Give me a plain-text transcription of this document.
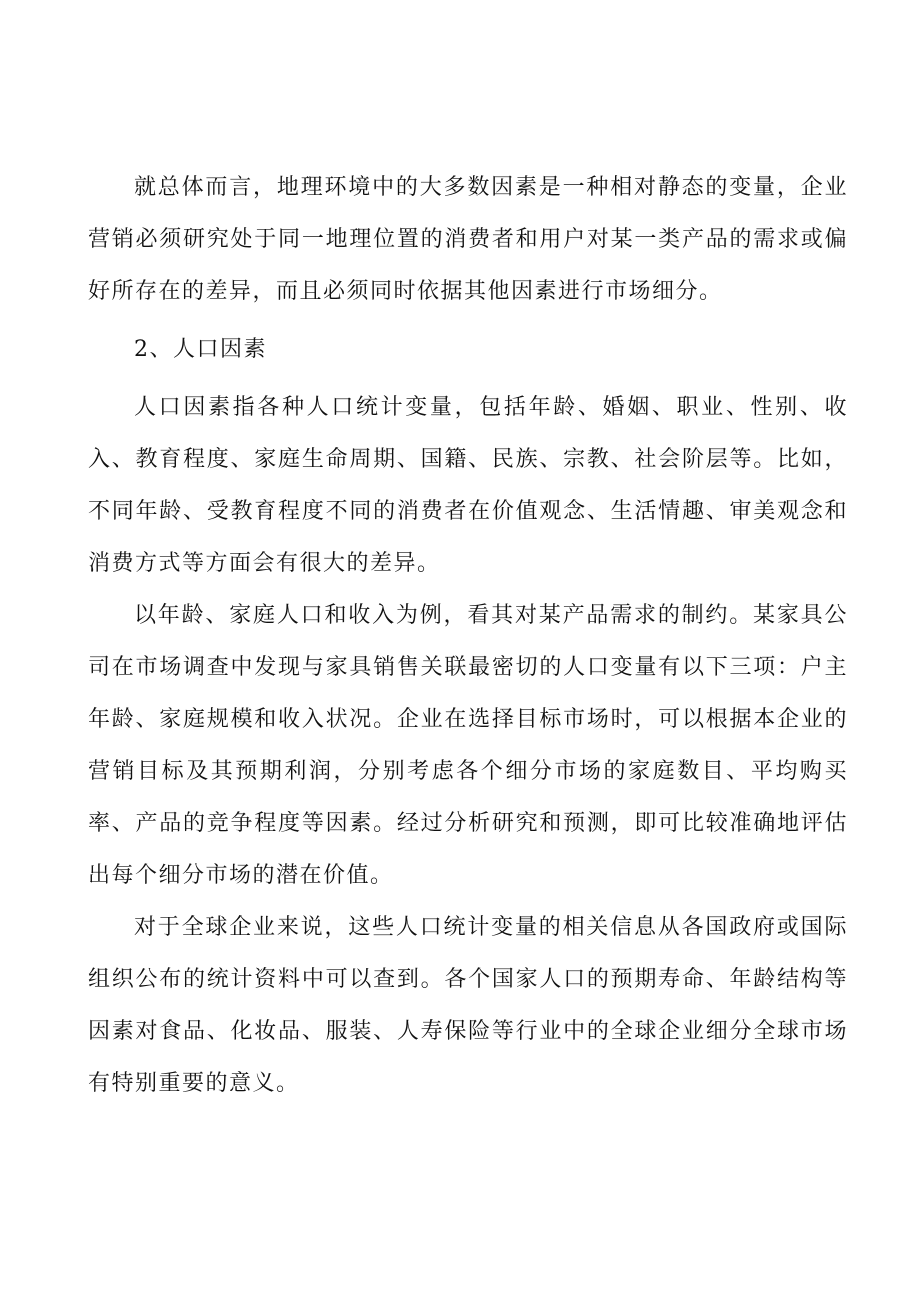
就总体而言，地理环境中的大多数因素是一种相对静态的变量，企业营销必须研究处于同一地理位置的消费者和用户对某一类产品的需求或偏好所存在的差异，而且必须同时依据其他因素进行市场细分。

2、人口因素

人口因素指各种人口统计变量，包括年龄、婚姻、职业、性别、收入、教育程度、家庭生命周期、国籍、民族、宗教、社会阶层等。比如，不同年龄、受教育程度不同的消费者在价值观念、生活情趣、审美观念和消费方式等方面会有很大的差异。

以年龄、家庭人口和收入为例，看其对某产品需求的制约。某家具公司在市场调查中发现与家具销售关联最密切的人口变量有以下三项：户主年龄、家庭规模和收入状况。企业在选择目标市场时，可以根据本企业的营销目标及其预期利润，分别考虑各个细分市场的家庭数目、平均购买率、产品的竞争程度等因素。经过分析研究和预测，即可比较准确地评估出每个细分市场的潜在价值。

对于全球企业来说，这些人口统计变量的相关信息从各国政府或国际组织公布的统计资料中可以查到。各个国家人口的预期寿命、年龄结构等因素对食品、化妆品、服装、人寿保险等行业中的全球企业细分全球市场有特别重要的意义。
